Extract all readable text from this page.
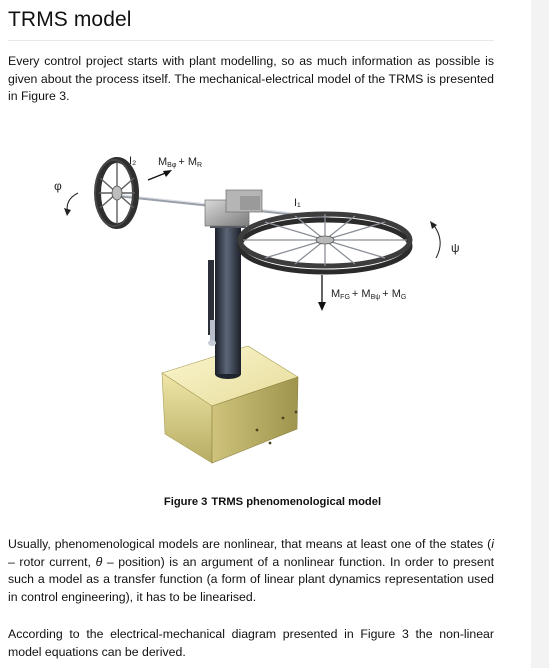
TRMS model

Every control project starts with plant modelling, so as much information as possible is given about the process itself. The mechanical-electrical model of the TRMS is presented in Figure 3.

φ
ψ
I₂
I₁
MBφ + MR
MFG + MBψ + MG
Figure 3 TRMS phenomenological model

Usually, phenomenological models are nonlinear, that means at least one of the states (i – rotor current, θ – position) is an argument of a nonlinear function. In order to present such a model as a transfer function (a form of linear plant dynamics representation used in control engineering), it has to be linearised.

According to the electrical-mechanical diagram presented in Figure 3 the non-linear model equations can be derived.
